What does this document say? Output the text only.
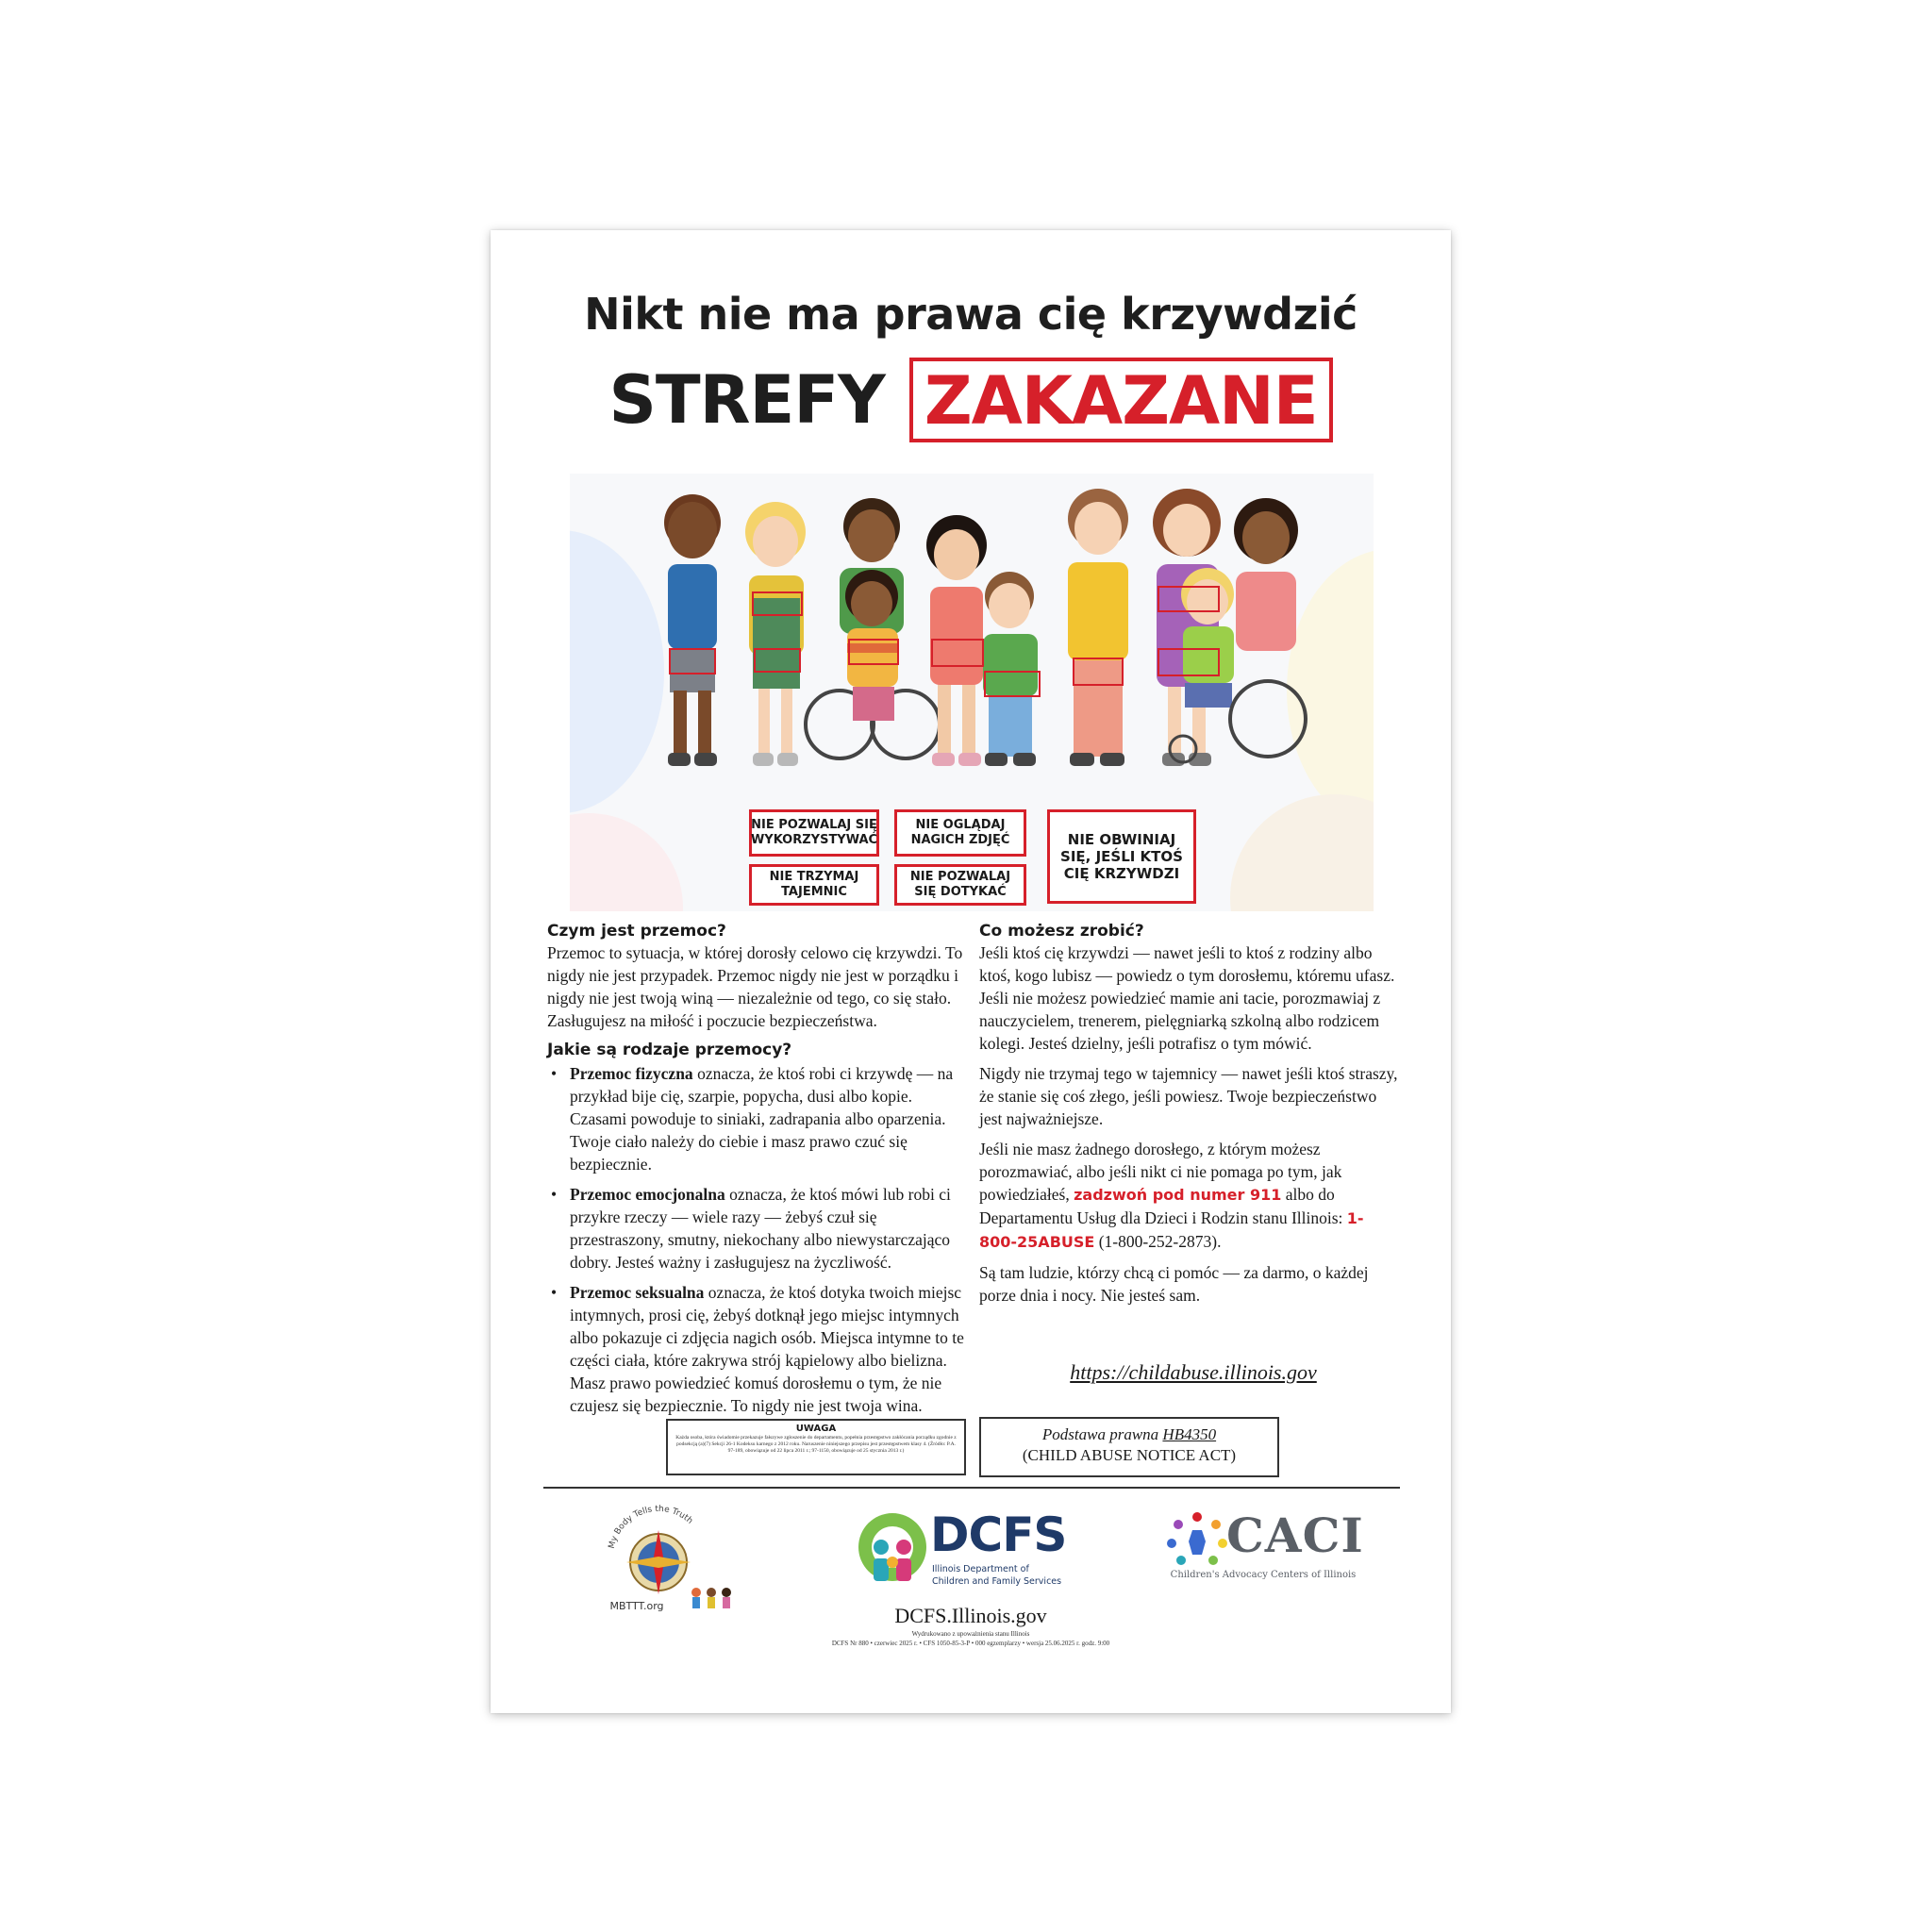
Nikt nie ma prawa cię krzywdzić
STREFY ZAKAZANE
NIE POZWALAJ SIĘ WYKORZYSTYWAĆ
NIE OGLĄDAJ NAGICH ZDJĘĆ	NIE OBWINIAJ SIĘ, JEŚLI KTOŚ CIĘ KRZYWDZI
NIE TRZYMAJ TAJEMNIC
NIE POZWALAJ SIĘ DOTYKAĆ
Czym jest przemoc?

Przemoc to sytuacja, w której dorosły celowo cię krzywdzi. To nigdy nie jest przypadek. Przemoc nigdy nie jest w porządku i nigdy nie jest twoją winą — niezależnie od tego, co się stało. Zasługujesz na miłość i poczucie bezpieczeństwa.

Jakie są rodzaje przemocy?
• Przemoc fizyczna oznacza, że ktoś robi ci krzywdę — na przykład bije cię, szarpie, popycha, dusi albo kopie. Czasami powoduje to siniaki, zadrapania albo oparzenia. Twoje ciało należy do ciebie i masz prawo czuć się bezpiecznie.
• Przemoc emocjonalna oznacza, że ktoś mówi lub robi ci przykre rzeczy — wiele razy — żebyś czuł się przestraszony, smutny, niekochany albo niewystarczająco dobry. Jesteś ważny i zasługujesz na życzliwość.
• Przemoc seksualna oznacza, że ktoś dotyka twoich miejsc intymnych, prosi cię, żebyś dotknął jego miejsc intymnych albo pokazuje ci zdjęcia nagich osób. Miejsca intymne to te części ciała, które zakrywa strój kąpielowy albo bielizna. Masz prawo powiedzieć komuś dorosłemu o tym, że nie czujesz się bezpiecznie. To nigdy nie jest twoja wina.
Co możesz zrobić?

Jeśli ktoś cię krzywdzi — nawet jeśli to ktoś z rodziny albo ktoś, kogo lubisz — powiedz o tym dorosłemu, któremu ufasz. Jeśli nie możesz powiedzieć mamie ani tacie, porozmawiaj z nauczycielem, trenerem, pielęgniarką szkolną albo rodzicem kolegi. Jesteś dzielny, jeśli potrafisz o tym mówić.

Nigdy nie trzymaj tego w tajemnicy — nawet jeśli ktoś straszy, że stanie się coś złego, jeśli powiesz. Twoje bezpieczeństwo jest najważniejsze.

Jeśli nie masz żadnego dorosłego, z którym możesz porozmawiać, albo jeśli nikt ci nie pomaga po tym, jak powiedziałeś, zadzwoń pod numer 911 albo do Departamentu Usług dla Dzieci i Rodzin stanu Illinois: 1-800-25ABUSE (1-800-252-2873).

Są tam ludzie, którzy chcą ci pomóc — za darmo, o każdej porze dnia i nocy. Nie jesteś sam.

https://childabuse.illinois.gov
UWAGA
Każda osoba, która świadomie przekazuje fałszywe zgłoszenie do departamentu, popełnia przestępstwo zakłócania porządku zgodnie z podsekcją (a)(7) Sekcji 26-1 Kodeksu karnego z 2012 roku. Naruszenie niniejszego przepisu jest przestępstwem klasy 4. (Źródło: P.A. 97-189, obowiązuje od 22 lipca 2011 r.; 97-1150, obowiązuje od 25 stycznia 2013 r.)
Podstawa prawna HB4350
(CHILD ABUSE NOTICE ACT)
My Body Tells the Truth
MBTTT.org
DCFS
Illinois Department of
Children and Family Services
CACI
Children's Advocacy Centers of Illinois
DCFS.Illinois.gov
Wydrukowano z upoważnienia stanu Illinois
DCFS Nr 880 • czerwiec 2025 r. • CFS 1050-85-3-P • 000 egzemplarzy • wersja 25.06.2025 r. godz. 9:00
